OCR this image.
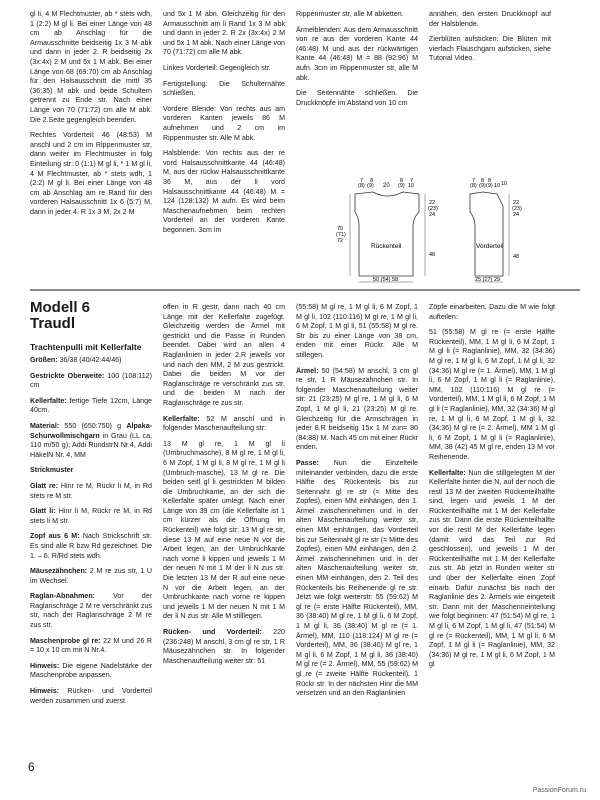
gl li, 4 M Flechtmuster, ab * stets wdh, 1 (2:2) M gl li. Bei einer Länge von 48 cm ab Anschlag für die Armausschnitte beidseitig 1x 3 M abk und dann in jeder 2. R beidseitig 2x (3x:4x) 2 M und 5x 1 M abk. Bei einer Länge von 68 (69:70) cm ab Anschlag für den Halsausschnitt die mittl 35 (36:35) M abk und beide Schultern getrennt zu Ende str. Nach einer Länge von 70 (71:72) cm alle M abk. Die 2.Seite gegengleich beenden.

Rechtes Vorderteil: 46 (48:53) M anschl und 2 cm im Rippenmuster str, dann weiter im Flechtmuster in folg Einteilung str: 0 (1:1) M gl li, * 1 M gl li, 4 M Flechtmuster, ab * stets wdh, 1 (2:2) M gl li. Bei einer Länge von 48 cm ab Anschlag am re Rand für den vorderen Halsausschnitt 1x 6 (5:7) M, dann in jeder 4. R 1x 3 M, 2x 2 M

und 5x 1 M abn. Gleichzeitig für den Armausschnitt am li Rand 1x 3 M abk und dann in jeder 2. R 2x (3x:4x) 2 M und 5x 1 M abk. Nach einer Länge von 70 (71:72) cm alle M abk.

Linkes Vorderteil: Gegengleich str.

Fertigstellung: Die Schulternähte schließen.

Vordere Blende: Von rechts aus am vorderen Kanten jeweils 86 M aufnehmen und 2 cm im Rippenmuster str. Alle M abk.

Halsblende: Von rechts aus der re vord Halsausschnittkante 44 (46:48) M, aus der rückw Halsausschnittkante 36 M, aus der li vord Halsausschnittkante 44 (46:48) M = 124 (128:132) M aufn. Es wird beim Maschenaufnehmen beim rechten Vorderteil an der vorderen Kante begonnen. 3cm im

Rippenmuster str, alle M abketten.

Ärmelblenden: Aus dem Armausschnitt von re aus der vorderen Kante 44 (46:48) M und aus der rückwärtigen Kante 44 (46:48) M = 88 (92:96) M aufn. 3cm im Rippenmuster str, alle M abk.

Die Seitennähte schließen. Die Druckknöpfe im Abstand von 10 cm

annähen, den ersten Druckknopf auf der Halsblende.

Zierblüten aufsticken: Die Blüten mit vierfach Flauschgarn aufsticken, siehe Tutorial Video.

7
(8) (9)
8
20
8
(9) 10
7
70
(71)
72
22
(23)
24
48
Rückenteil
50 (54) 58
7
(8) (9)
8 8
(9) 10 10
22
(23)
24
48
Vorderteil
25 (27) 29
Modell 6
Traudl
Trachtenpulli mit Kellerfalte

Größen: 36/38 (40/42:44/46)

Gestrickte Oberweite: 100 (108:112) cm

Kellerfalte: fertige Tiefe 12cm, Länge 40cm.

Material: 550 (650:750) g Alpaka-Schurwollmischgarn in Grau (LL ca. 110 m/50 g); Addi RundstrN Nr.4, Addi HäkelN Nr. 4, MM

Strickmuster

Glatt re: Hinr re M, Rückr li M, in Rd stets re M str.

Glatt li: Hinr li M, Rückr re M, in Rd stets li M str.

Zopf aus 6 M: Nach Strickschrift str. Es sind alle R bzw Rd gezeichnet. Die 1. – 6. R/Rd stets wdh.

Mäusezähnchen: 2 M re zus str, 1 U im Wechsel.

Raglan-Abnahmen: Vor der Raglanschräge 2 M re verschränkt zus str, nach der Raglanschräge 2 M re zus str.

Maschenprobe gl re: 22 M und 26 R = 10 x 10 cm mit N Nr.4.

Hinweis: Die eigene Nadelstärke der Maschenprobe anpassen.

Hinweis: Rücken- und Vorderteil werden zusammen und zuerst

offen in R gestr, dann nach 40 cm Länge mit der Kellerfalte zugefügt. Gleichzeitig werden die Ärmel mit gestrickt und die Passe in Runden beendet. Dabei wird an allen 4 Raglanlinien in jeder 2.R jeweils vor und nach den MM, 2 M zus gestrickt. Dabei die beiden M vor der Raglanschräge re verschränkt zus str, und die beiden M nach der Raglanschräge re zus str.

Kellerfalte: 52 M anschl und in folgender Maschenaufteilung str:

13 M gl re, 1 M gl li (Umbruchmasche), 8 M gl re, 1 M gl li, 6 M Zopf, 1 M gl li, 8 M gl re, 1 M gl li (Umbruch-masche), 13 M gl re. Die beiden seitl gl li gestrickten M bilden die Umbruchkante, an der sich die Kellerfalte später umlegt. Nach einer Länge von 39 cm (die Kellerfalte ist 1 cm kürzer als die Öffnung im Rückenteil) wie folgt str: 13 M gl re str, diese 13 M auf eine neue N vor die Arbeit legen, an der Umbruchkante nach vorne li kippen und jeweils 1 M der neuen N mit 1 M der li N zus str. Die letzten 13 M der R auf eine neue N vor die Arbeit legen, an der Umbruchkante nach vorne re kippen und jeweils 1 M der neuen N mit 1 M der li N zus str. Alle M stilllegen.

Rücken- und Vorderteil: 220 (236:248) M anschl, 3 cm gl re str, 1 R Mäusezähnchen str. In folgender Maschenaufteilung weiter str: 51

(55:58) M gl re, 1 M gl li, 6 M Zopf, 1 M gl li, 102 (110:116) M gl re, 1 M gl li, 6 M Zopf, 1 M gl li, 51 (55:58) M gl re. Str bis zu einer Länge von 38 cm, enden mit einer Rückr. Alle M stillegen.

Ärmel: 50 (54:58) M anschl, 3 cm gl re str, 1 R Mäusezähnchen str. In folgender Maschenaufteilung weiter str: 21 (23:25) M gl re, 1 M gl li, 6 M Zopf, 1 M gl li, 21 (23:25) M gl re. Gleichzeitig für die Armschrägen in jeder 8.R beidseitig 15x 1 M zun= 80 (84:88) M. Nach 45 cm mit einer Rückr enden.

Passe: Nun die Einzelteile miteinander verbinden, dazu die erste Hälfte des Rückenteils bis zur Seitennaht gl re str (= Mitte des Zopfes), einen MM einhängen, den 1. Ärmel zwischennehmen und in der alten Maschenaufteilung weiter str, einen MM einhängen, das Vorderteil bis zur Seitennaht gl re str (= Mitte des Zopfes), einen MM einhängen, den 2. Ärmel zwischennehmen und in der alten Maschenaufteilung weiter str, einen MM einhängen, den 2. Teil des Rückenteils bis Reihenende gl re str. Jetzt wie folgt weiterstr: 55 (59:62) M gl re (= erste Hälfte Rückenteil), MM, 36 (38:40) M gl re, 1 M gl li, 6 M Zopf, 1 M gl li, 36 (38:40) M gl re (= 1. Ärmel), MM, 110 (118:124) M gl re (= Vorderteil), MM, 36 (38:40) M gl re, 1 M gl li, 6 M Zopf, 1 M gl li, 36 (38:40) M gl re (= 2. Ärmel), MM, 55 (59:62) M gl re (= zweite Hälfte Rückenteil). 1 Rückr str. In der nächsten Hinr die MM versetzen und an den Raglanlinien

Zöpfe einarbeiten. Dazu die M wie folgt aufteilen:

51 (55:58) M gl re (= erste Hälfte Rückenteil), MM, 1 M gl li, 6 M Zopf, 1 M gl li (= Raglanlinie), MM, 32 (34:36) M gl re, 1 M gl li, 6 M Zopf, 1 M gl li, 32 (34:36) M gl re (= 1. Ärmel), MM, 1 M gl li, 6 M Zopf, 1 M gl li (= Raglanlinie), MM, 102 (110:116) M gl re (= Vorderteil), MM, 1 M gl li, 6 M Zopf, 1 M gl li (= Raglanlinie), MM, 32 (34:36) M gl re, 1 M gl li, 6 M Zopf, 1 M gl li, 32 (34:36) M gl re (= 2. Ärmel), MM 1 M gl li, 6 M Zopf, 1 M gl li (= Raglanlinie), MM, 38 (42) 45 M gl re, enden 13 M vor Reihenende.

Kellerfalte: Nun die stillgelegten M der Kellerfalte hinter die N, auf der noch die restl 13 M der zweiten Rückenteilhälfte sind, legen und jeweils 1 M der Rückenteilhälfte mit 1 M der Kellerfalte zus str. Dann die erste Rückenteilhälfte vor die restl M der Kellerfalte legen (damit wird das Teil zur Rd geschlossen), und jeweils 1 M der Rückenteilhälfte mit 1 M der Kellerfalte zus str. Ab jetzt in Runden weiter str und über der Kellerfalte einen Zopf einarb. Dafür zunächst bis nach der Raglanlinie des 2. Ärmels wie eingeteilt str. Dann mit der Maschenneinteilung wie folgt beginnen: 47 (51:54) M gl re, 1 M gl li, 6 M Zopf, 1 M gl li, 47 (51:54) M gl re (= Rückenteil), MM, 1 M gl li, 6 M Zopf, 1 M gl li (= Raglanlinie), MM, 32 (34:36) M gl re, 1 M gl li, 6 M Zopf, 1 M gl

6
PassionForum.ru
